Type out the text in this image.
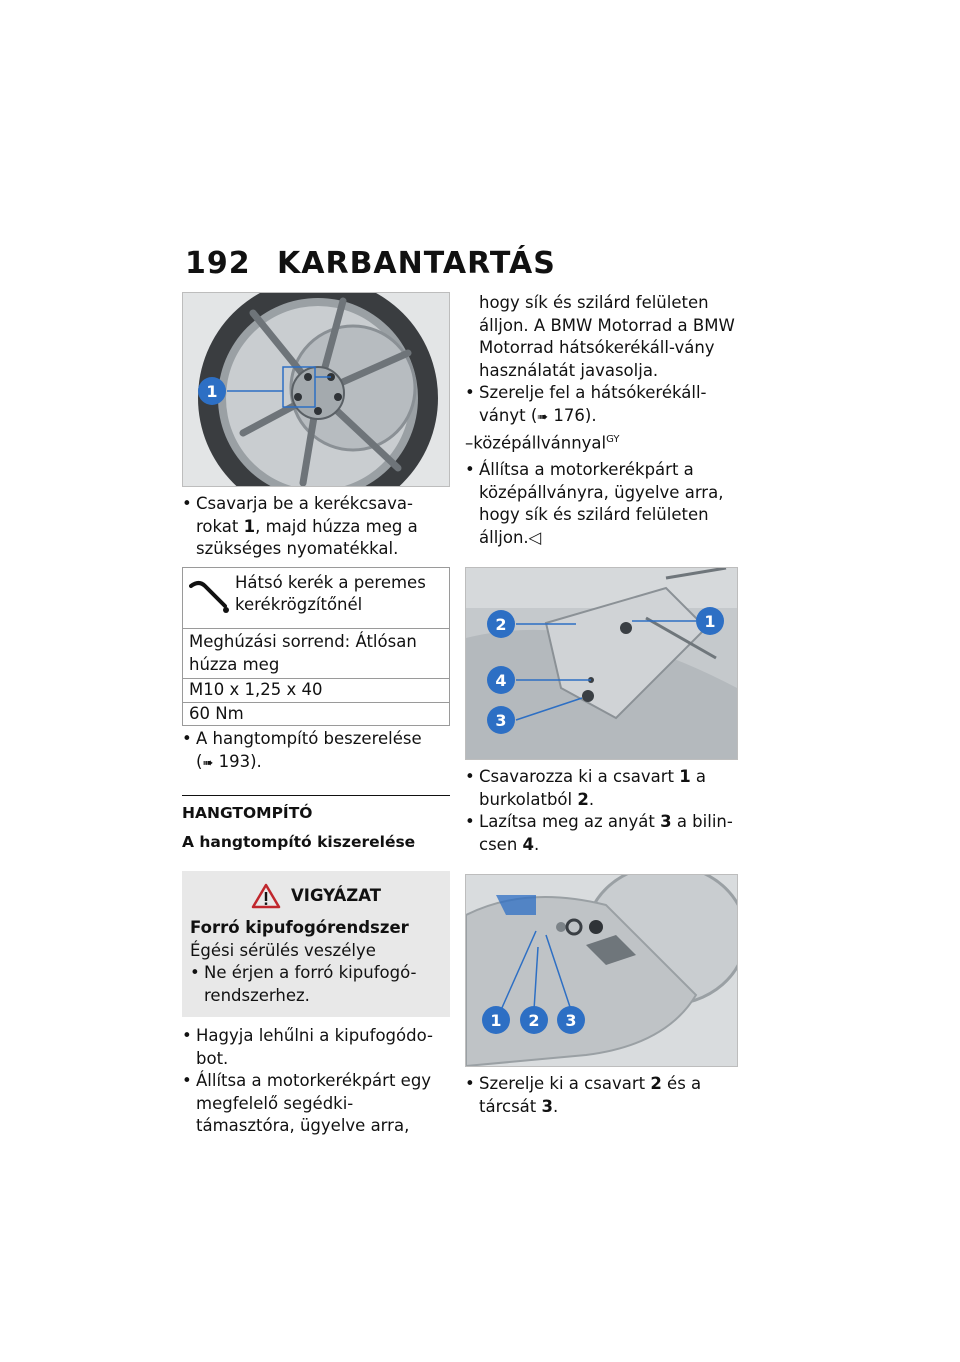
192 KARBANTARTÁS
1
• Csavarja be a kerékcsava-rokat 1, majd húzza meg a szükséges nyomatékkal.
Hátsó kerék a peremes kerékrögzítőnél
Meghúzási sorrend: Átlósan húzza meg
M10 x 1,25 x 40
60 Nm
• A hangtompító beszerelése
(➠ 193).
HANGTOMPÍTÓ
A hangtompító kiszerelése
VIGYÁZAT
Forró kipufogórendszer
Égési sérülés veszélye
• Ne érjen a forró kipufogó-rendszerhez.
• Hagyja lehűlni a kipufogódo-bot.
• Állítsa a motorkerékpárt egy megfelelő segédki-támasztóra, ügyelve arra,
hogy sík és szilárd felületen álljon. A BMW Motorrad a BMW Motorrad hátsókerékáll-vány használatát javasolja.
• Szerelje fel a hátsókerékáll-ványt (➠ 176).
–középállvánnyal$^{GY}$
• Állítsa a motorkerékpárt a középállványra, ügyelve arra, hogy sík és szilárd felületen álljon.◁
2	1
4
3
• Csavarozza ki a csavart 1 a burkolatból 2.
• Lazítsa meg az anyát 3 a bilin-csen 4.
1 2 3
• Szerelje ki a csavart 2 és a tárcsát 3.
